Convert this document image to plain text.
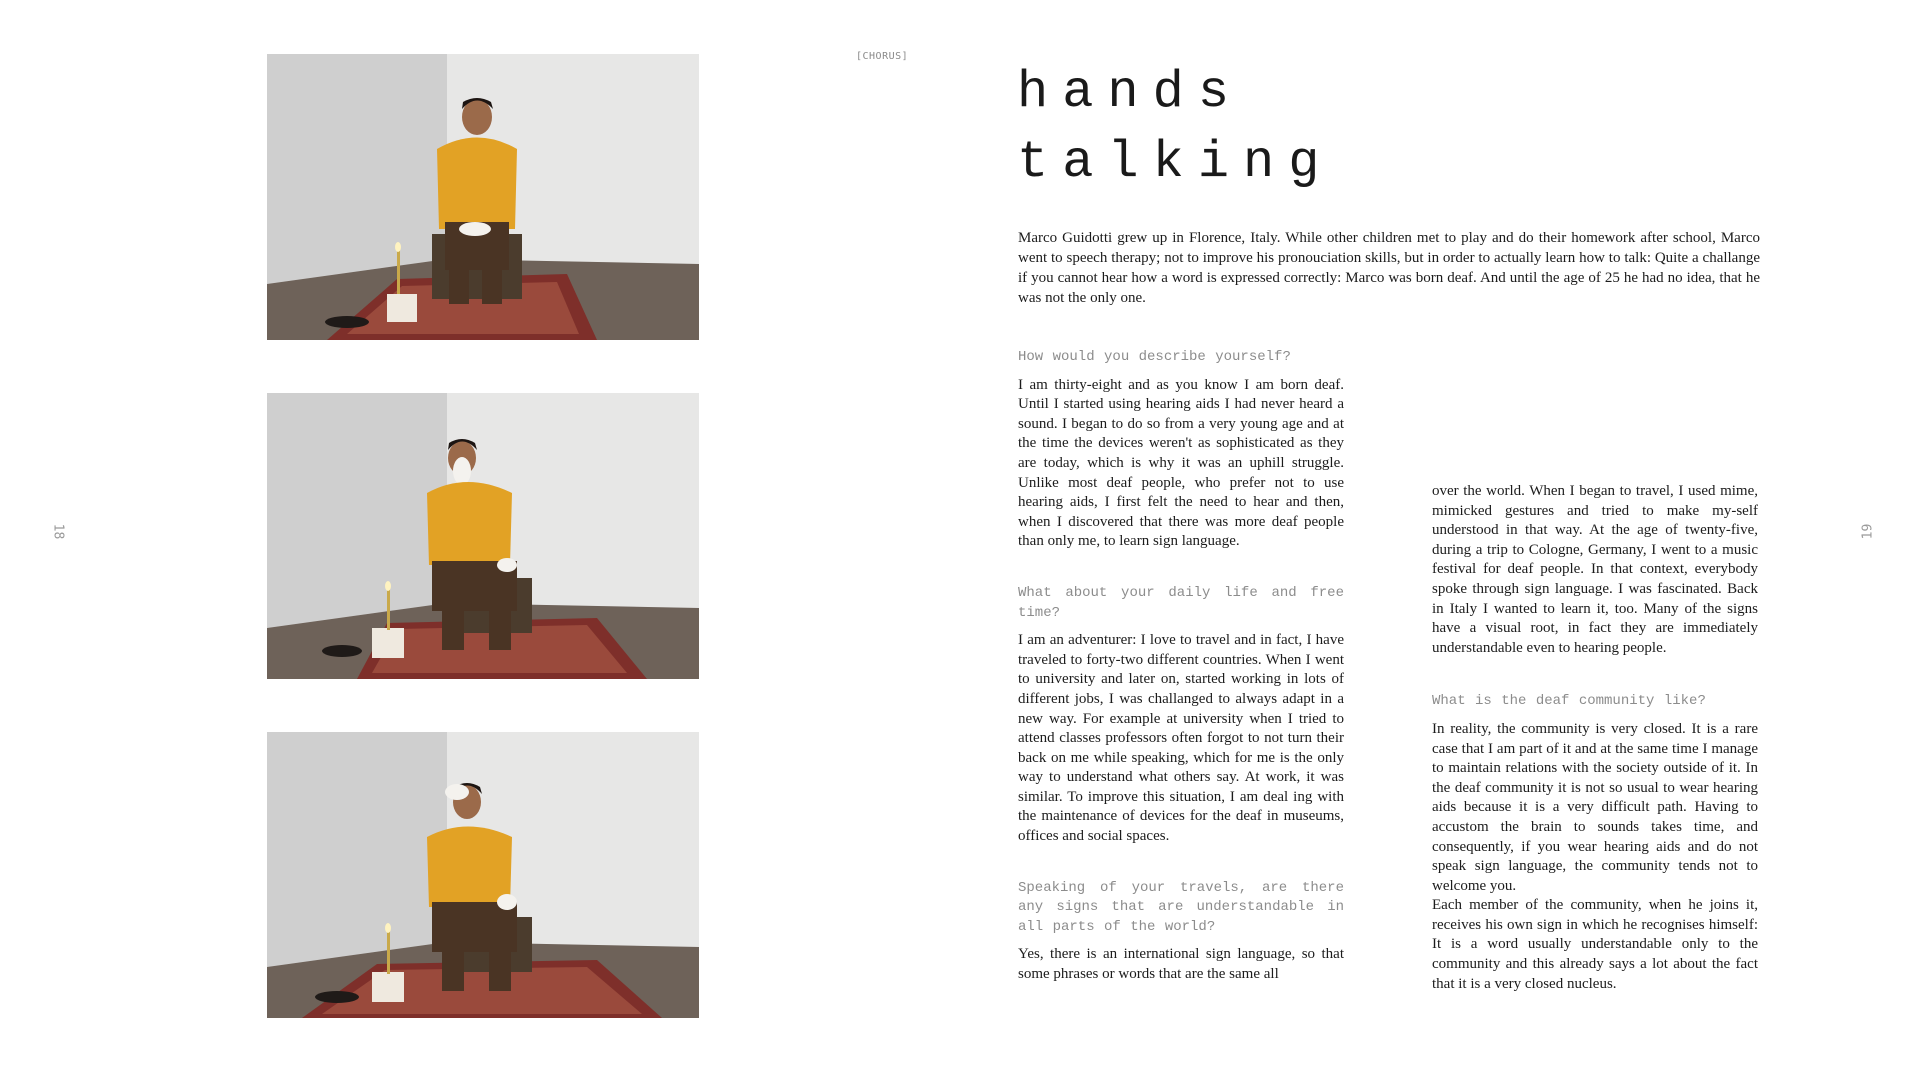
18
[CHORUS]
hands
talking

Marco Guidotti grew up in Florence, Italy. While other children met to play and do their homework after school, Marco went to speech therapy; not to improve his pronouciation skills, but in order to actually learn how to talk: Quite a challange if you cannot hear how a word is expressed correctly: Marco was born deaf. And until the age of 25 he had no idea, that he was not the only one.

How would you describe yourself?

I am thirty-eight and as you know I am born deaf. Until I started using hearing aids I had never heard a sound. I began to do so from a very young age and at the time the devices weren't as sophisticated as they are today, which is why it was an uphill struggle. Unlike most deaf people, who prefer not to use hearing aids, I first felt the need to hear and then, when I discovered that there was more deaf people than only me, to learn sign language.

What about your daily life and free time?

I am an adventurer: I love to travel and in fact, I have traveled to forty-two different countries. When I went to university and later on, started working in lots of different jobs, I was challanged to always adapt in a new way. For example at university when I tried to attend classes professors often forgot to not turn their back on me while speaking, which for me is the only way to understand what others say. At work, it was similar. To improve this situation, I am deal ing with the maintenance of devices for the deaf in museums, offices and social spaces.

Speaking of your travels, are there any signs that are understandable in all parts of the world?

Yes, there is an international sign language, so that some phrases or words that are the same all

over the world. When I began to travel, I used mime, mimicked gestures and tried to make my-self understood in that way. At the age of twenty-five, during a trip to Cologne, Germany, I went to a music festival for deaf people. In that context, everybody spoke through sign language. I was fascinated. Back in Italy I wanted to learn it, too. Many of the signs have a visual root, in fact they are immediately understandable even to hearing people.

What is the deaf community like?

In reality, the community is very closed. It is a rare case that I am part of it and at the same time I manage to maintain relations with the society outside of it. In the deaf community it is not so usual to wear hearing aids because it is a very difficult path. Having to accustom the brain to sounds takes time, and consequently, if you wear hearing aids and do not speak sign language, the community tends not to welcome you.

Each member of the community, when he joins it, receives his own sign in which he recognises himself: It is a word usually understandable only to the community and this already says a lot about the fact that it is a very closed nucleus.

19
